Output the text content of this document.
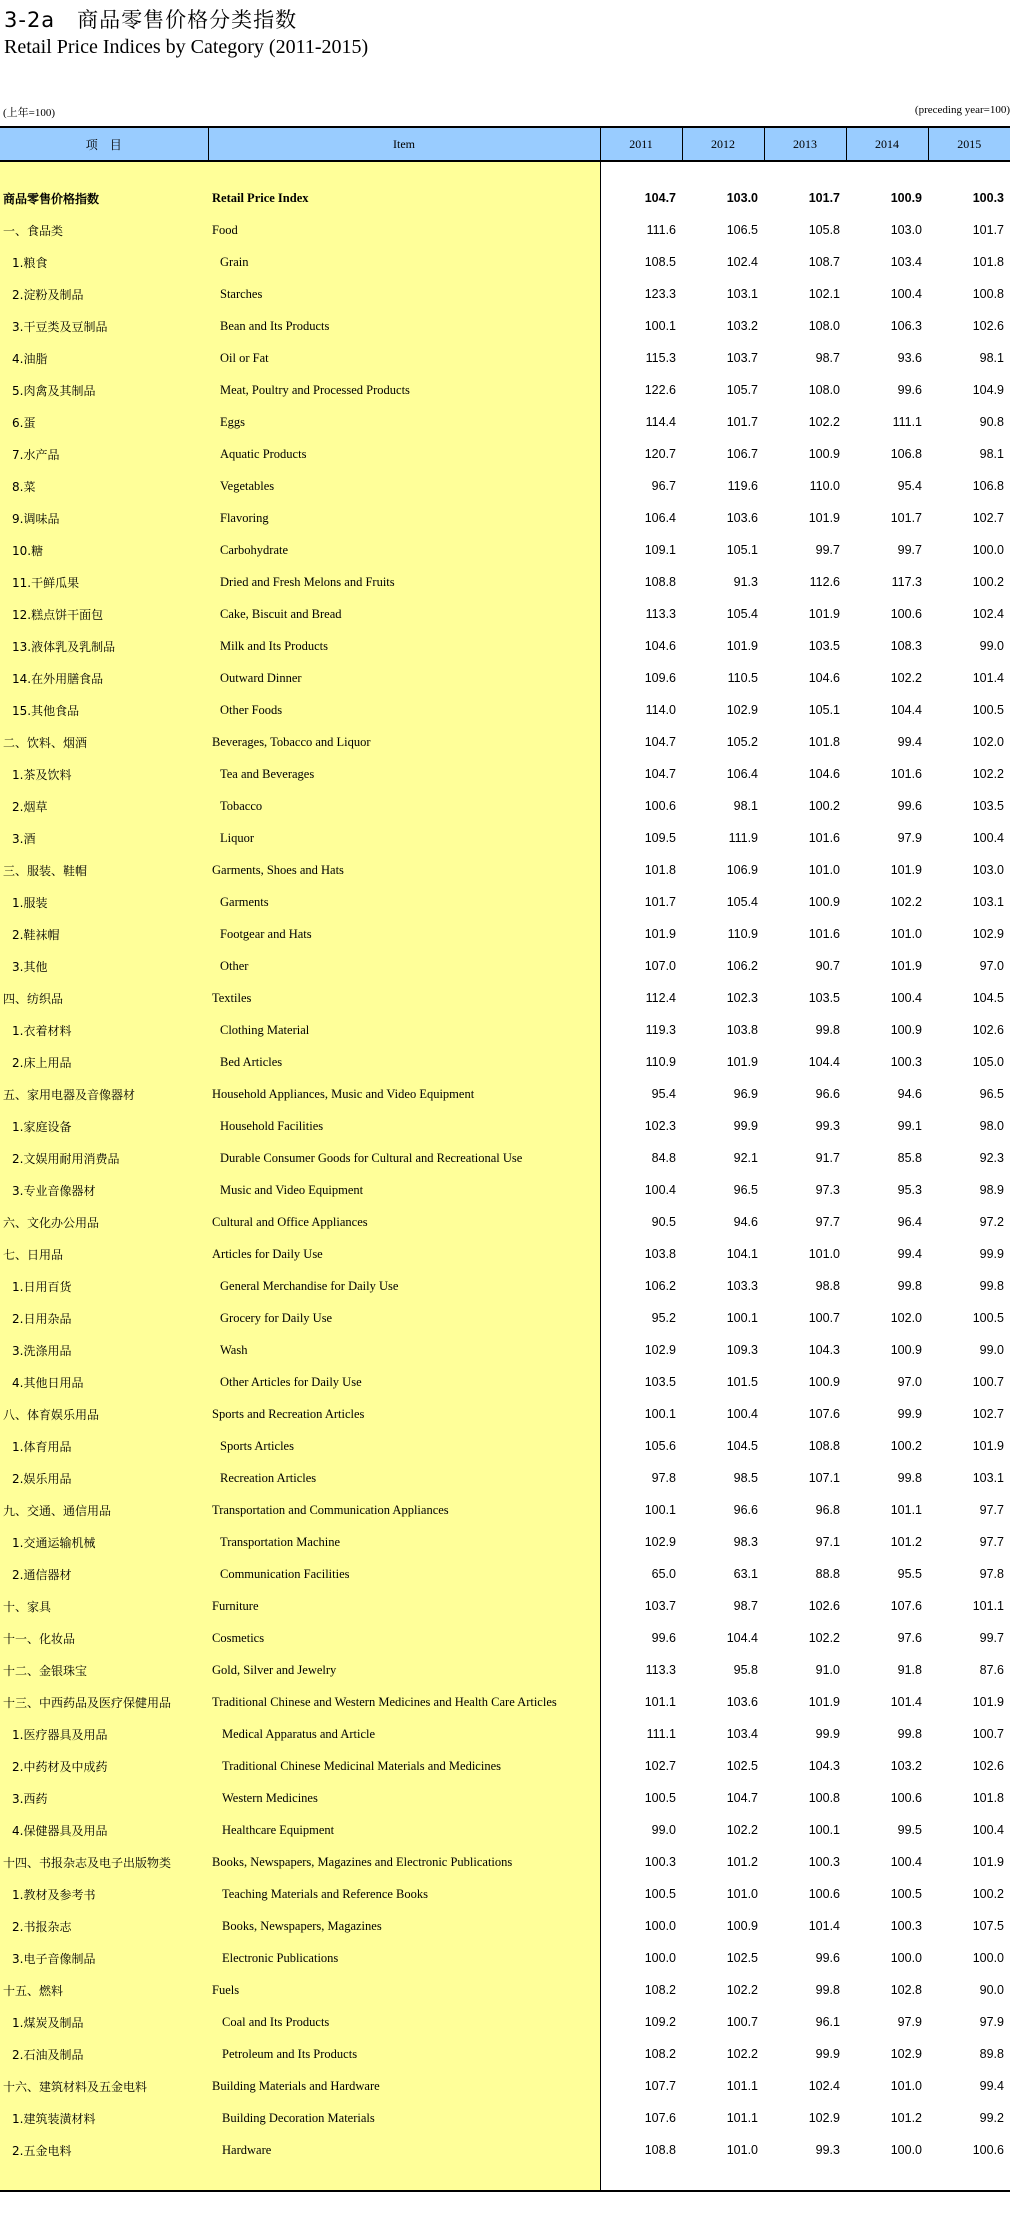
3-2a　商品零售价格分类指数
Retail Price Indices by Category (2011-2015)
(上年=100)	(preceding year=100)
项　目	Item	2011	2012	2013	2014	2015

商品零售价格指数	Retail Price Index	104.7	103.0	101.7	100.9	100.3
一、食品类	Food	111.6	106.5	105.8	103.0	101.7
1.粮食	Grain	108.5	102.4	108.7	103.4	101.8
2.淀粉及制品	Starches	123.3	103.1	102.1	100.4	100.8
3.干豆类及豆制品	Bean and Its Products	100.1	103.2	108.0	106.3	102.6
4.油脂	Oil or Fat	115.3	103.7	98.7	93.6	98.1
5.肉禽及其制品	Meat, Poultry and Processed Products	122.6	105.7	108.0	99.6	104.9
6.蛋	Eggs	114.4	101.7	102.2	111.1	90.8
7.水产品	Aquatic Products	120.7	106.7	100.9	106.8	98.1
8.菜	Vegetables	96.7	119.6	110.0	95.4	106.8
9.调味品	Flavoring	106.4	103.6	101.9	101.7	102.7
10.糖	Carbohydrate	109.1	105.1	99.7	99.7	100.0
11.干鲜瓜果	Dried and Fresh Melons and Fruits	108.8	91.3	112.6	117.3	100.2
12.糕点饼干面包	Cake, Biscuit and Bread	113.3	105.4	101.9	100.6	102.4
13.液体乳及乳制品	Milk and Its Products	104.6	101.9	103.5	108.3	99.0
14.在外用膳食品	Outward Dinner	109.6	110.5	104.6	102.2	101.4
15.其他食品	Other Foods	114.0	102.9	105.1	104.4	100.5
二、饮料、烟酒	Beverages, Tobacco and Liquor	104.7	105.2	101.8	99.4	102.0
1.茶及饮料	Tea and Beverages	104.7	106.4	104.6	101.6	102.2
2.烟草	Tobacco	100.6	98.1	100.2	99.6	103.5
3.酒	Liquor	109.5	111.9	101.6	97.9	100.4
三、服装、鞋帽	Garments, Shoes and Hats	101.8	106.9	101.0	101.9	103.0
1.服装	Garments	101.7	105.4	100.9	102.2	103.1
2.鞋袜帽	Footgear and Hats	101.9	110.9	101.6	101.0	102.9
3.其他	Other	107.0	106.2	90.7	101.9	97.0
四、纺织品	Textiles	112.4	102.3	103.5	100.4	104.5
1.衣着材料	Clothing Material	119.3	103.8	99.8	100.9	102.6
2.床上用品	Bed Articles	110.9	101.9	104.4	100.3	105.0
五、家用电器及音像器材	Household Appliances, Music and Video Equipment	95.4	96.9	96.6	94.6	96.5
1.家庭设备	Household Facilities	102.3	99.9	99.3	99.1	98.0
2.文娱用耐用消费品	Durable Consumer Goods for Cultural and Recreational Use	84.8	92.1	91.7	85.8	92.3
3.专业音像器材	Music and Video Equipment	100.4	96.5	97.3	95.3	98.9
六、文化办公用品	Cultural and Office Appliances	90.5	94.6	97.7	96.4	97.2
七、日用品	Articles for Daily Use	103.8	104.1	101.0	99.4	99.9
1.日用百货	General Merchandise for Daily Use	106.2	103.3	98.8	99.8	99.8
2.日用杂品	Grocery for Daily Use	95.2	100.1	100.7	102.0	100.5
3.洗涤用品	Wash	102.9	109.3	104.3	100.9	99.0
4.其他日用品	Other Articles for Daily Use	103.5	101.5	100.9	97.0	100.7
八、体育娱乐用品	Sports and Recreation Articles	100.1	100.4	107.6	99.9	102.7
1.体育用品	Sports Articles	105.6	104.5	108.8	100.2	101.9
2.娱乐用品	Recreation Articles	97.8	98.5	107.1	99.8	103.1
九、交通、通信用品	Transportation and Communication Appliances	100.1	96.6	96.8	101.1	97.7
1.交通运输机械	Transportation Machine	102.9	98.3	97.1	101.2	97.7
2.通信器材	Communication Facilities	65.0	63.1	88.8	95.5	97.8
十、家具	Furniture	103.7	98.7	102.6	107.6	101.1
十一、化妆品	Cosmetics	99.6	104.4	102.2	97.6	99.7
十二、金银珠宝	Gold, Silver and Jewelry	113.3	95.8	91.0	91.8	87.6
十三、中西药品及医疗保健用品	Traditional Chinese and Western Medicines and Health Care Articles	101.1	103.6	101.9	101.4	101.9
1.医疗器具及用品	Medical Apparatus and Article	111.1	103.4	99.9	99.8	100.7
2.中药材及中成药	Traditional Chinese Medicinal Materials and Medicines	102.7	102.5	104.3	103.2	102.6
3.西药	Western Medicines	100.5	104.7	100.8	100.6	101.8
4.保健器具及用品	Healthcare Equipment	99.0	102.2	100.1	99.5	100.4
十四、书报杂志及电子出版物类	Books, Newspapers, Magazines and Electronic Publications	100.3	101.2	100.3	100.4	101.9
1.教材及参考书	Teaching Materials and Reference Books	100.5	101.0	100.6	100.5	100.2
2.书报杂志	Books, Newspapers, Magazines	100.0	100.9	101.4	100.3	107.5
3.电子音像制品	Electronic Publications	100.0	102.5	99.6	100.0	100.0
十五、燃料	Fuels	108.2	102.2	99.8	102.8	90.0
1.煤炭及制品	Coal and Its Products	109.2	100.7	96.1	97.9	97.9
2.石油及制品	Petroleum and Its Products	108.2	102.2	99.9	102.9	89.8
十六、建筑材料及五金电料	Building Materials and Hardware	107.7	101.1	102.4	101.0	99.4
1.建筑装潢材料	Building Decoration Materials	107.6	101.1	102.9	101.2	99.2
2.五金电料	Hardware	108.8	101.0	99.3	100.0	100.6
